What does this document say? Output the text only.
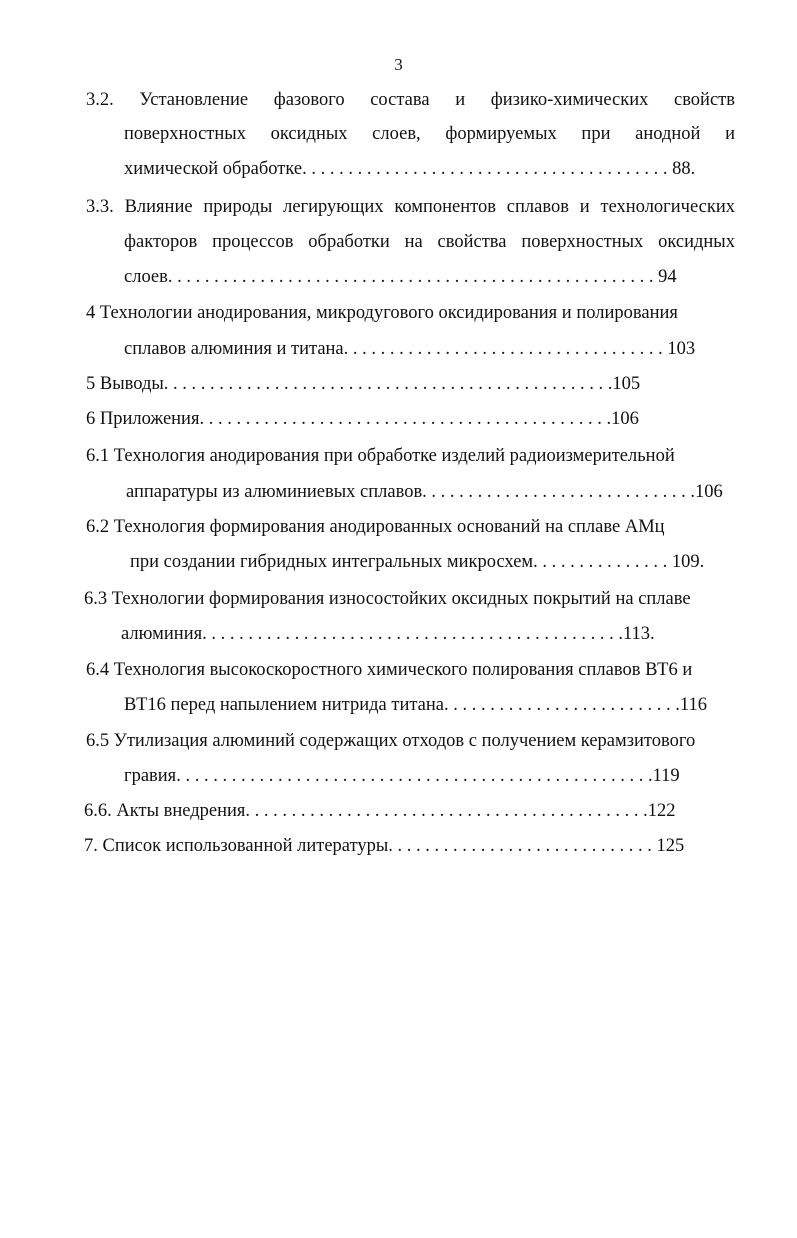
3
3.2. Установление фазового состава и физико-химических свойств
поверхностных оксидных слоев, формируемых при анодной и
химической обработке. . . . . . . . . . . . . . . . . . . . . . . . . . . . . . . . . . . . . . . . 88.
3.3. Влияние природы легирующих компонентов сплавов и технологических
факторов процессов обработки на свойства поверхностных оксидных
слоев. . . . . . . . . . . . . . . . . . . . . . . . . . . . . . . . . . . . . . . . . . . . . . . . . . . . . 94
4 Технологии анодирования, микродугового оксидирования и полирования
сплавов алюминия и титана. . . . . . . . . . . . . . . . . . . . . . . . . . . . . . . . . . . 103
5 Выводы. . . . . . . . . . . . . . . . . . . . . . . . . . . . . . . . . . . . . . . . . . . . . . . . .105
6 Приложения. . . . . . . . . . . . . . . . . . . . . . . . . . . . . . . . . . . . . . . . . . . . .106
6.1 Технология анодирования при обработке изделий радиоизмерительной
аппаратуры из алюминиевых сплавов. . . . . . . . . . . . . . . . . . . . . . . . . . . . . .106
6.2 Технология формирования анодированных оснований на сплаве АМц
при создании гибридных интегральных микросхем. . . . . . . . . . . . . . . 109.
6.3 Технологии формирования износостойких оксидных покрытий на сплаве
алюминия. . . . . . . . . . . . . . . . . . . . . . . . . . . . . . . . . . . . . . . . . . . . . .113.
6.4 Технология высокоскоростного химического полирования сплавов ВТ6 и
ВТ16 перед напылением нитрида титана. . . . . . . . . . . . . . . . . . . . . . . . . .116
6.5 Утилизация алюминий содержащих отходов с получением керамзитового
гравия. . . . . . . . . . . . . . . . . . . . . . . . . . . . . . . . . . . . . . . . . . . . . . . . . . . .119
6.6. Акты внедрения. . . . . . . . . . . . . . . . . . . . . . . . . . . . . . . . . . . . . . . . . . . .122
7. Список использованной литературы. . . . . . . . . . . . . . . . . . . . . . . . . . . . . 125
